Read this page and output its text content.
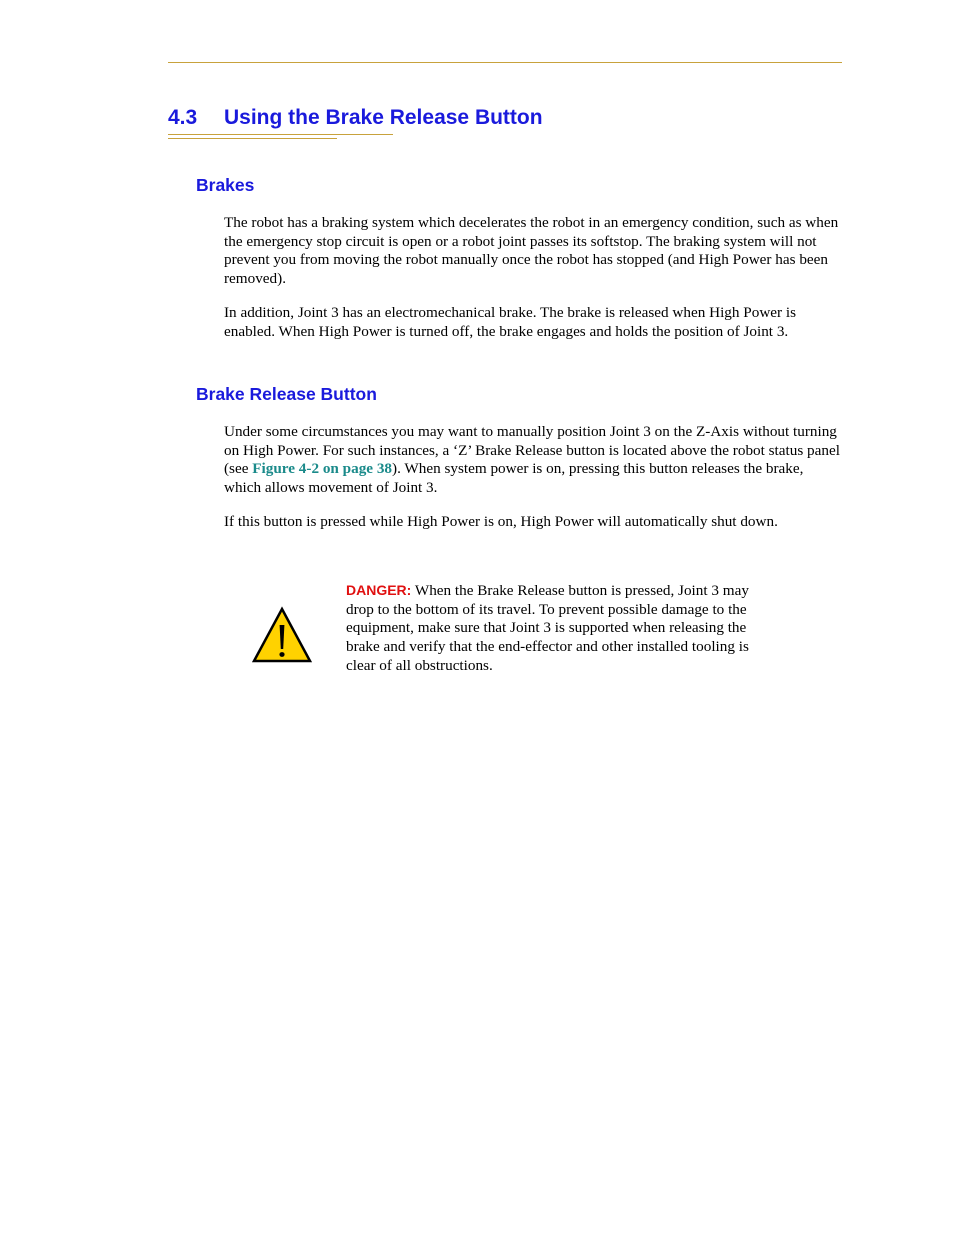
4.3 Using the Brake Release Button
Brakes

The robot has a braking system which decelerates the robot in an emergency condition, such as when the emergency stop circuit is open or a robot joint passes its softstop. The braking system will not prevent you from moving the robot manually once the robot has stopped (and High Power has been removed).

In addition, Joint 3 has an electromechanical brake. The brake is released when High Power is enabled. When High Power is turned off, the brake engages and holds the position of Joint 3.

Brake Release Button

Under some circumstances you may want to manually position Joint 3 on the Z-Axis without turning on High Power. For such instances, a ‘Z’ Brake Release button is located above the robot status panel (see Figure 4-2 on page 38). When system power is on, pressing this button releases the brake, which allows movement of Joint 3.

If this button is pressed while High Power is on, High Power will automatically shut down.

DANGER: When the Brake Release button is pressed, Joint 3 may drop to the bottom of its travel. To prevent possible damage to the equipment, make sure that Joint 3 is supported when releasing the brake and verify that the end-effector and other installed tooling is clear of all obstructions.
